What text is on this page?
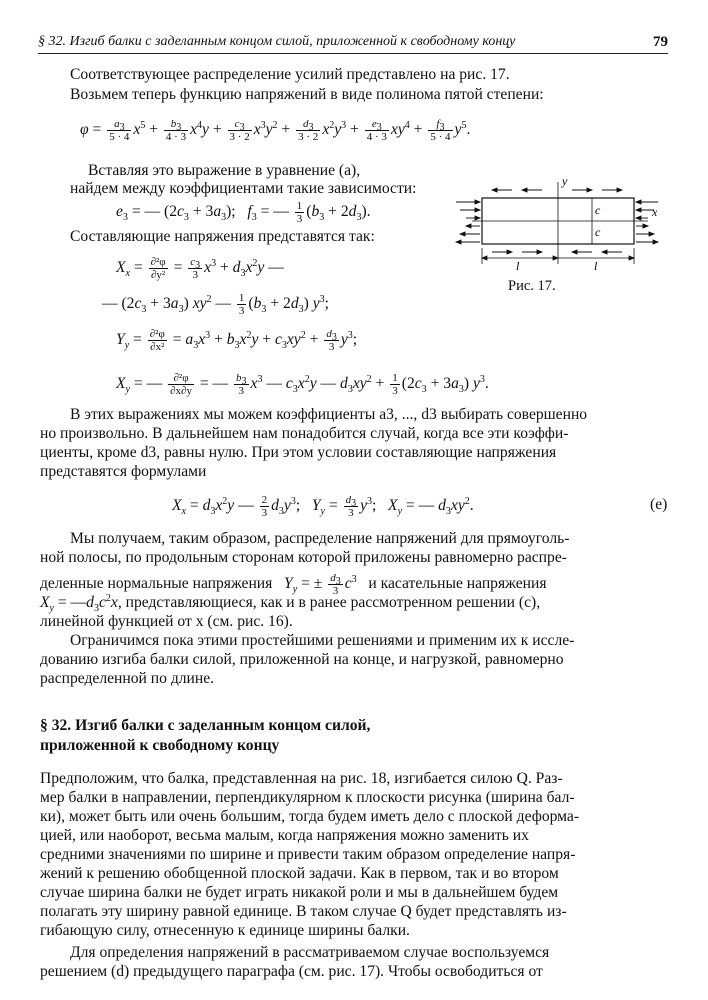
§ 32. Изгиб балки с заделанным концом силой, приложенной к свободному концу	79
Соответствующее распределение усилий представлено на рис. 17.
Возьмем теперь функцию напряжений в виде полинома пятой степени:
$\varphi = \frac{a_3}{5 \cdot 4} x^5 + \frac{b_3}{4 \cdot 3} x^4y + \frac{c_3}{3 \cdot 2} x^3y^2 + \frac{d_3}{3 \cdot 2} x^2y^3 + \frac{e_3}{4 \cdot 3} xy^4 + \frac{f_3}{5 \cdot 4} y^5$.
Вставляя это выражение в уравнение (a),
найдем между коэффициентами такие зависимости:
$e_3$ = — $(2c_3 + 3a_3)$;   $f_3$ = — $\frac{1}{3} (b_3 + 2d_3)$.
Составляющие напряжения представятся так:
$X_x = \frac{\text{∂²φ}}{\text{∂y²}} = \frac{c_3}{3} x^3 + d_3x^2y$ —
— $(2c_3 + 3a_3)$ $xy^2$ — $\frac{1}{3} (b_3 + 2d_3)$ $y^3$;
$Y_y = \frac{\text{∂²φ}}{\text{∂x²}} = a_3x^3 + b_3x^2y + c_3xy^2 + \frac{d_3}{3} y^3$;
$X_y$ = — $\frac{\text{∂²φ}}{\partial x\partial y}$ = — $\frac{b_3}{3} x^3$ — $c_3x^2y$ — $d_3xy^2 + \frac{1}{3} (2c_3 + 3a_3)$ $y^3$.
y
x
c
c
l	l
Рис. 17.
В этих выражениях мы можем коэффициенты a3, ..., d3 выбирать совершенно
но произвольно. В дальнейшем нам понадобится случай, когда все эти коэффи-
циенты, кроме d3, равны нулю. При этом условии составляющие напряжения
представятся формулами
$X_x = d_3x^2y$ — $\frac{2}{3} d_3y^3$;   $Y_y = \frac{d_3}{3} y^3$;   $X_y$ = — $d_3xy^2$.	(e)
Мы получаем, таким образом, распределение напряжений для прямоуголь-
ной полосы, по продольным сторонам которой приложены равномерно распре-
деленные нормальные напряжения $Y_y$ = ± $\frac{d_3}{3} c^3$ и касательные напряжения
$X_y$ = $—d_3c^2x$, представляющиеся, как и в ранее рассмотренном решении (c),
линейной функцией от x (см. рис. 16).
Ограничимся пока этими простейшими решениями и применим их к иссле-
дованию изгиба балки силой, приложенной на конце, и нагрузкой, равномерно
распределенной по длине.
§ 32. Изгиб балки с заделанным концом силой,
приложенной к свободному концу
Предположим, что балка, представленная на рис. 18, изгибается силою Q. Раз-
мер балки в направлении, перпендикулярном к плоскости рисунка (ширина бал-
ки), может быть или очень большим, тогда будем иметь дело с плоской деформа-
цией, или наоборот, весьма малым, когда напряжения можно заменить их
средними значениями по ширине и привести таким образом определение напря-
жений к решению обобщенной плоской задачи. Как в первом, так и во втором
случае ширина балки не будет играть никакой роли и мы в дальнейшем будем
полагать эту ширину равной единице. В таком случае Q будет представлять из-
гибающую силу, отнесенную к единице ширины балки.
Для определения напряжений в рассматриваемом случае воспользуемся
решением (d) предыдущего параграфа (см. рис. 17). Чтобы освободиться от
